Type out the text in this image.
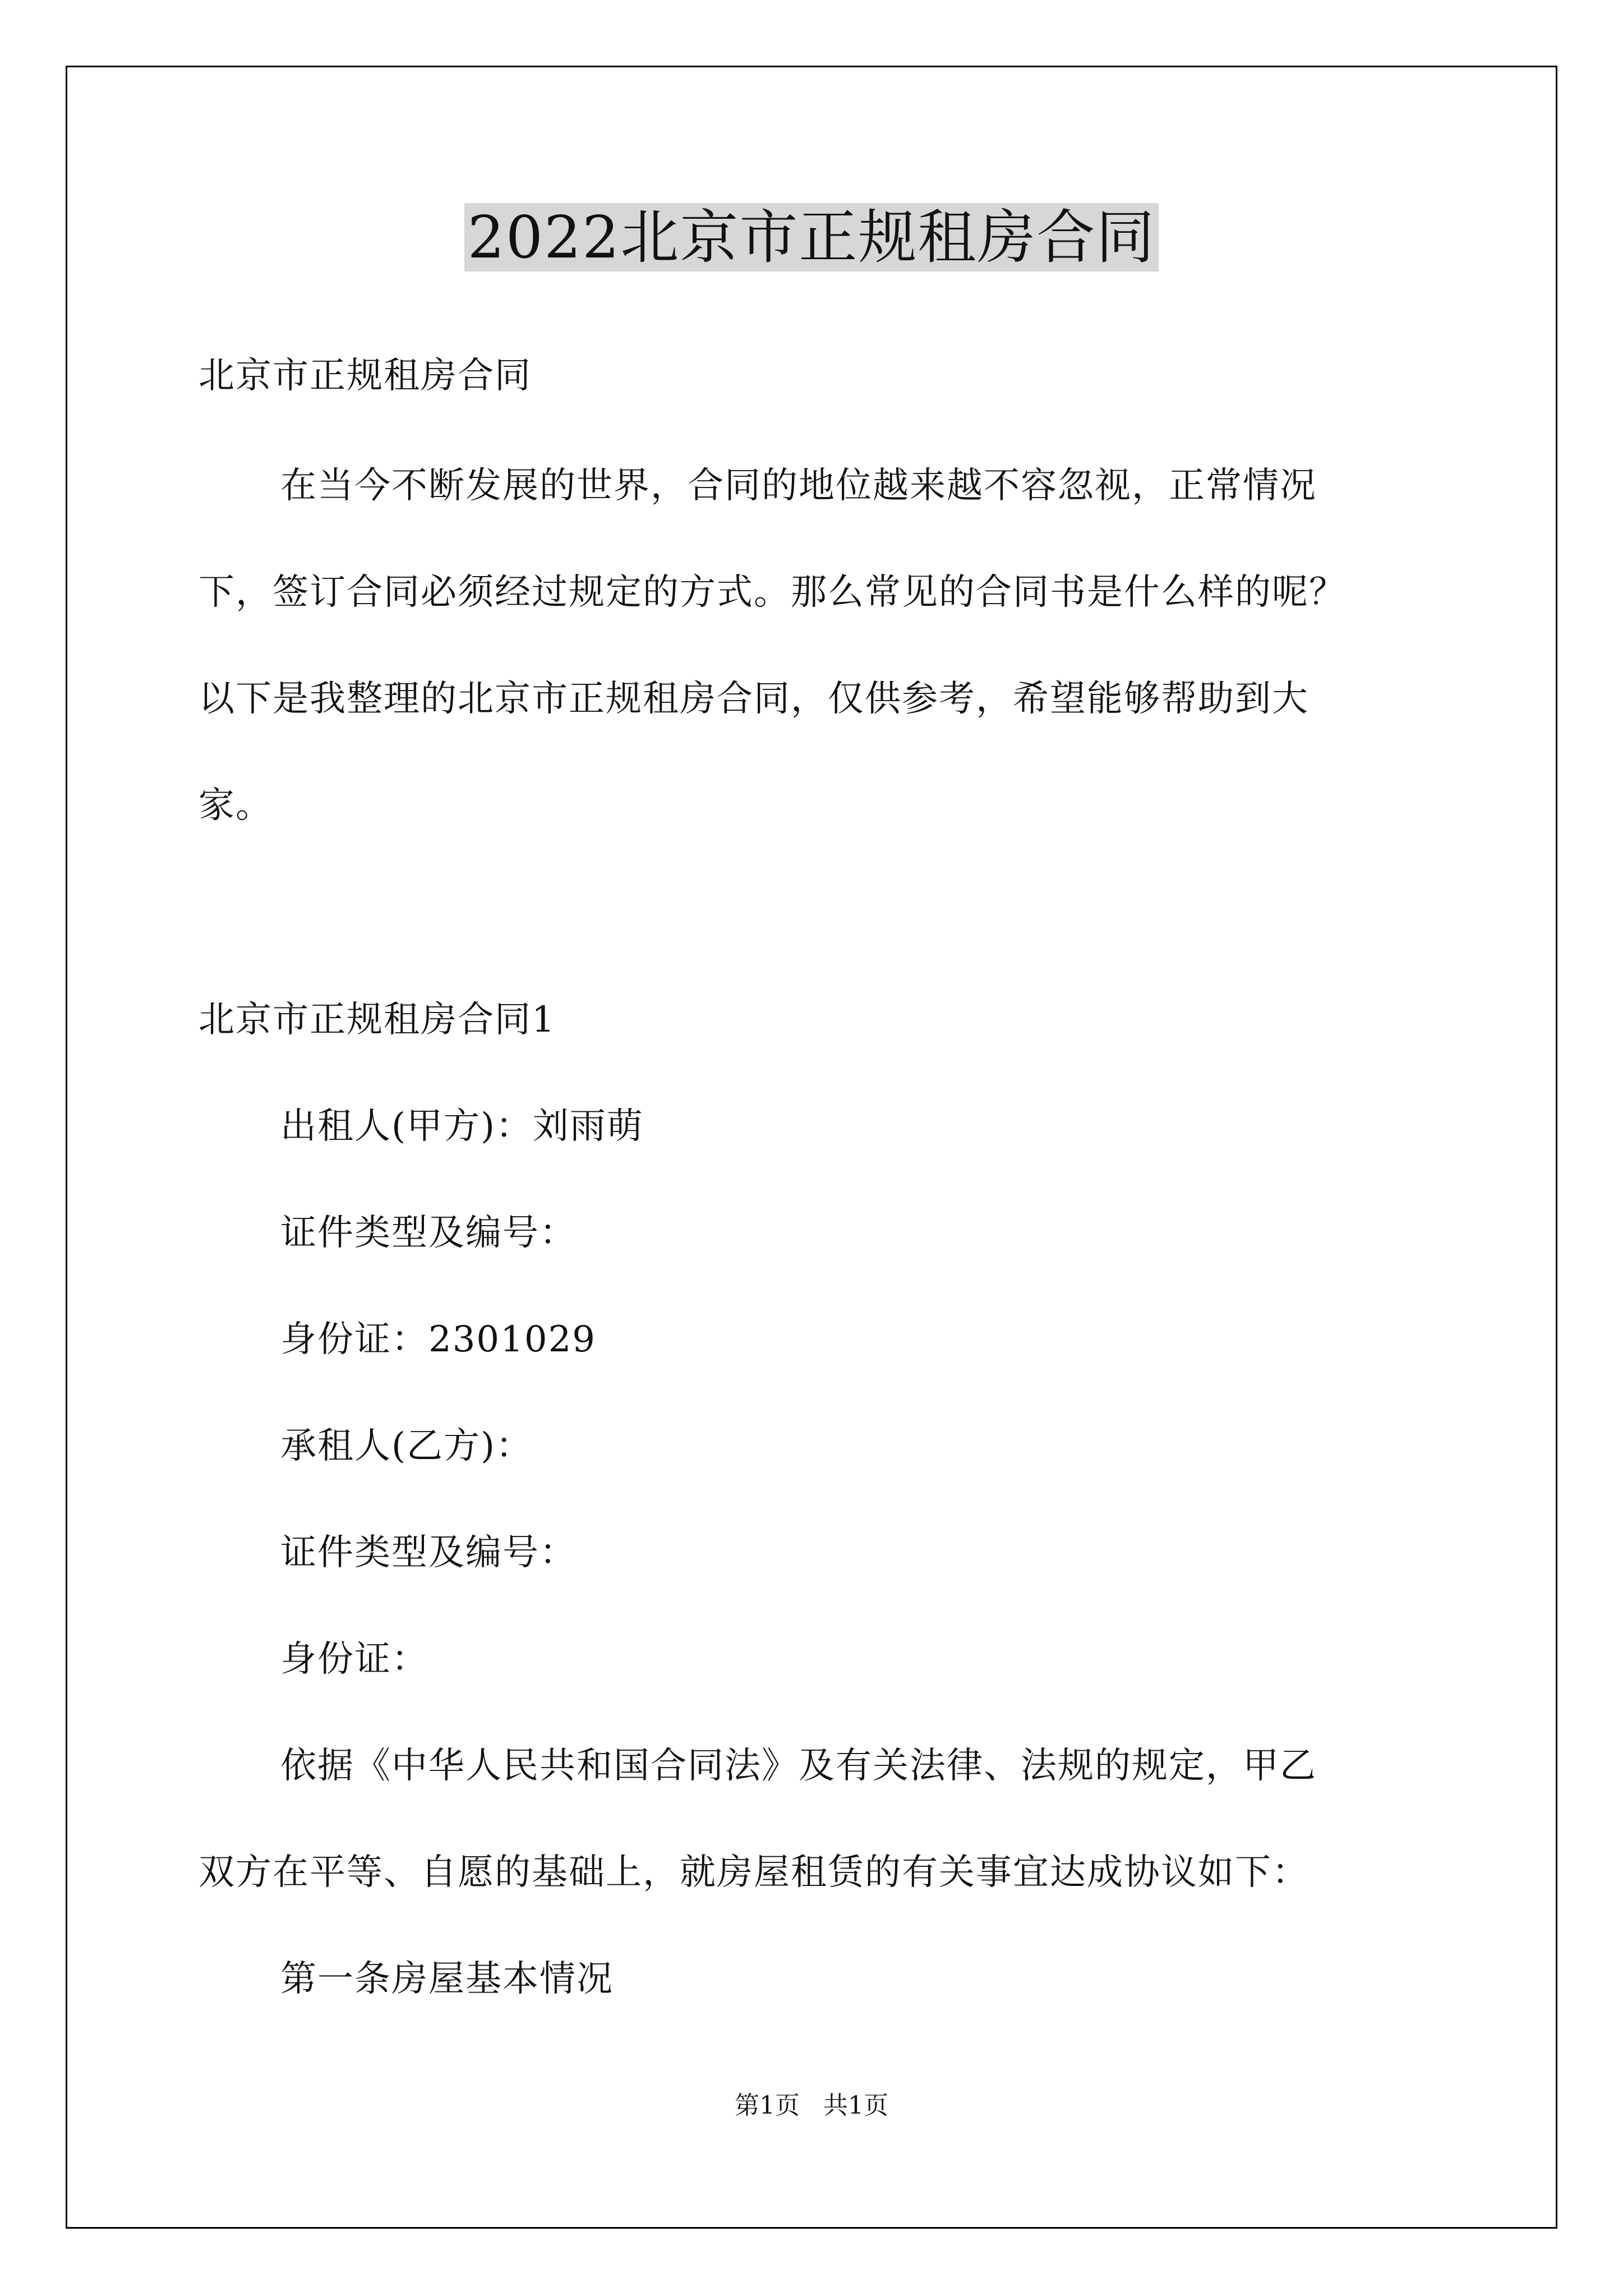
2022北京市正规租房合同
北京市正规租房合同
在当今不断发展的世界，合同的地位越来越不容忽视，正常情况
下，签订合同必须经过规定的方式。那么常见的合同书是什么样的呢？
以下是我整理的北京市正规租房合同，仅供参考，希望能够帮助到大
家。
北京市正规租房合同1
出租人(甲方)：刘雨萌
证件类型及编号：
身份证：2301029
承租人(乙方)：
证件类型及编号：
身份证：
依据《中华人民共和国合同法》及有关法律、法规的规定，甲乙
双方在平等、自愿的基础上，就房屋租赁的有关事宜达成协议如下：
第一条房屋基本情况
第1页   共1页
